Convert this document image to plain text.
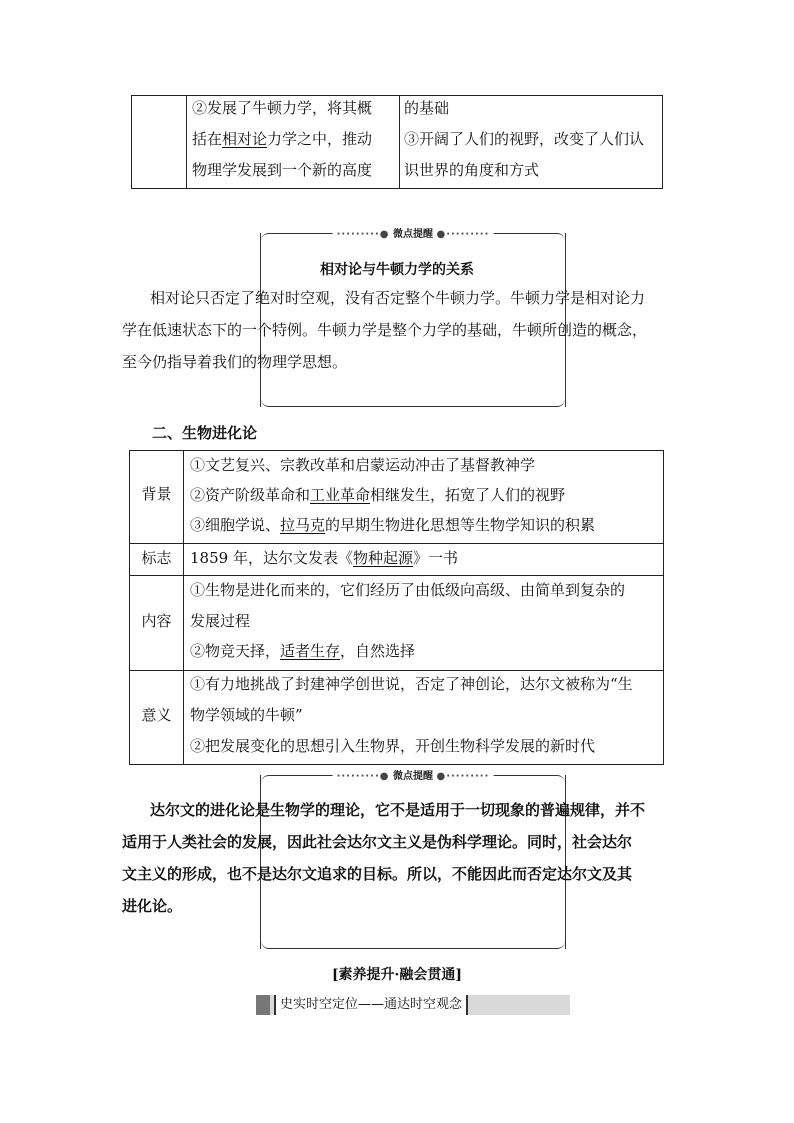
②发展了牛顿力学，将其概
括在相对论力学之中，推动
物理学发展到一个新的高度
的基础
③开阔了人们的视野，改变了人们认
识世界的角度和方式
·········● 微点提醒 ●·········
相对论与牛顿力学的关系
相对论只否定了绝对时空观，没有否定整个牛顿力学。牛顿力学是相对论力
学在低速状态下的一个特例。牛顿力学是整个力学的基础，牛顿所创造的概念，
至今仍指导着我们的物理学思想。
二、生物进化论
背景
①文艺复兴、宗教改革和启蒙运动冲击了基督教神学
②资产阶级革命和工业革命相继发生，拓宽了人们的视野
③细胞学说、拉马克的早期生物进化思想等生物学知识的积累
标志	1859 年，达尔文发表《物种起源》一书
内容
①生物是进化而来的，它们经历了由低级向高级、由简单到复杂的
发展过程
②物竞天择，适者生存，自然选择
意义
①有力地挑战了封建神学创世说，否定了神创论，达尔文被称为“生
物学领域的牛顿”
②把发展变化的思想引入生物界，开创生物科学发展的新时代
·········● 微点提醒 ●·········
达尔文的进化论是生物学的理论，它不是适用于一切现象的普遍规律，并不
适用于人类社会的发展，因此社会达尔文主义是伪科学理论。同时，社会达尔
文主义的形成，也不是达尔文追求的目标。所以，不能因此而否定达尔文及其
进化论。
[素养提升·融会贯通]
史实时空定位——通达时空观念
